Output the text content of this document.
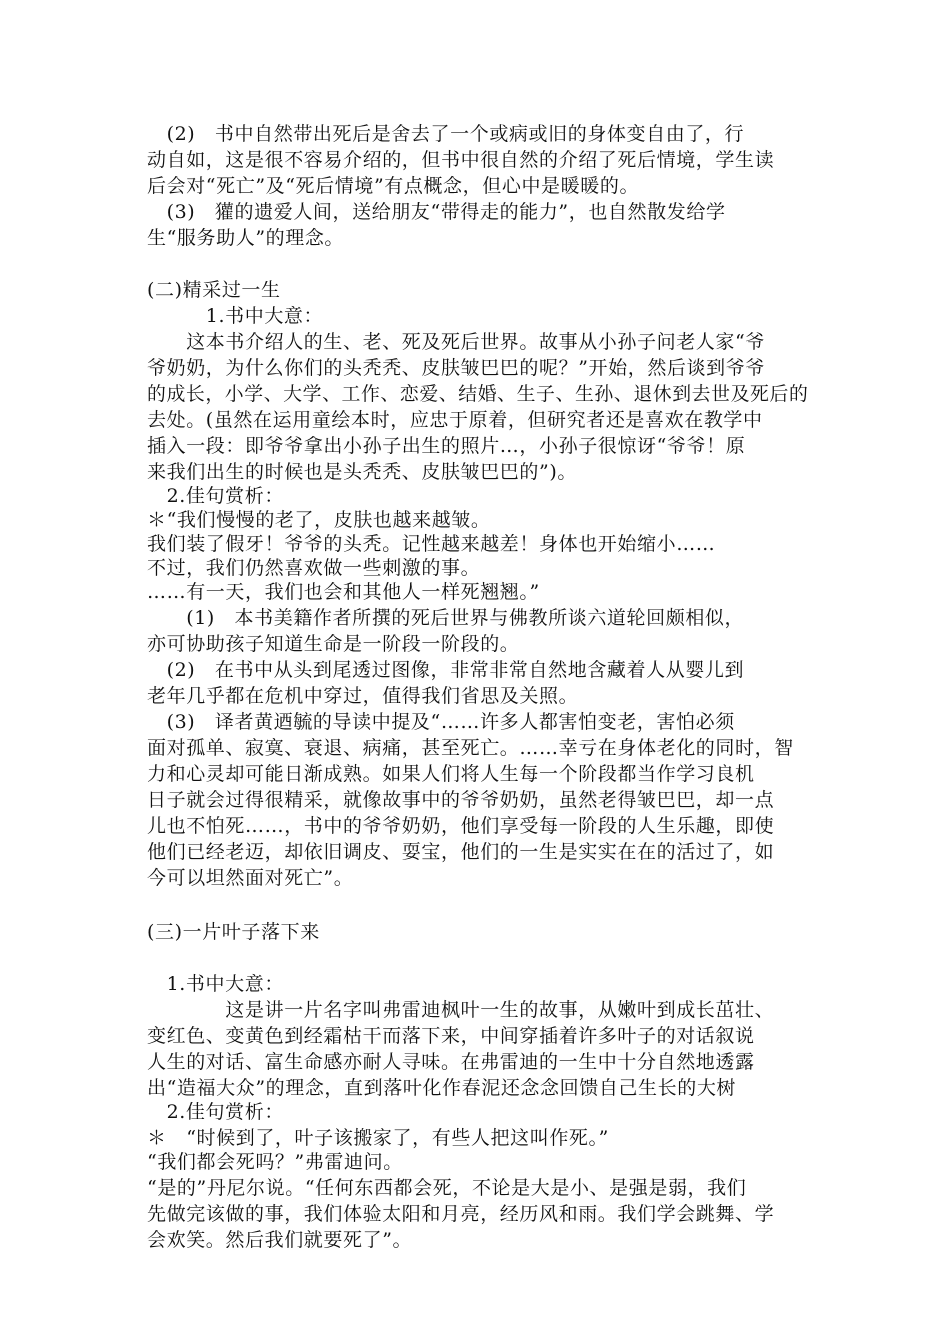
　(2)　书中自然带出死后是舍去了一个或病或旧的身体变自由了，行
动自如，这是很不容易介绍的，但书中很自然的介绍了死后情境，学生读
后会对“死亡”及“死后情境”有点概念，但心中是暖暖的。
　(3)　獾的遗爱人间，送给朋友“带得走的能力”，也自然散发给学
生“服务助人”的理念。
(二)精采过一生
　　　1.书中大意：
　　这本书介绍人的生、老、死及死后世界。故事从小孙子问老人家“爷
爷奶奶，为什么你们的头秃秃、皮肤皱巴巴的呢？”开始，然后谈到爷爷
的成长，小学、大学、工作、恋爱、结婚、生子、生孙、退休到去世及死后的
去处。(虽然在运用童绘本时，应忠于原着，但研究者还是喜欢在教学中
插入一段：即爷爷拿出小孙子出生的照片…，小孙子很惊讶“爷爷！原
来我们出生的时候也是头秃秃、皮肤皱巴巴的”)。
　2.佳句赏析：
＊“我们慢慢的老了，皮肤也越来越皱。
我们装了假牙！爷爷的头秃。记性越来越差！身体也开始缩小……
不过，我们仍然喜欢做一些刺激的事。
……有一天，我们也会和其他人一样死翘翘。”
　　(1)　本书美籍作者所撰的死后世界与佛教所谈六道轮回颇相似，
亦可协助孩子知道生命是一阶段一阶段的。
　(2)　在书中从头到尾透过图像，非常非常自然地含藏着人从婴儿到
老年几乎都在危机中穿过，值得我们省思及关照。
　(3)　译者黄迺毓的导读中提及“……许多人都害怕变老，害怕必须
面对孤单、寂寞、衰退、病痛，甚至死亡。……幸亏在身体老化的同时，智
力和心灵却可能日渐成熟。如果人们将人生每一个阶段都当作学习良机
日子就会过得很精采，就像故事中的爷爷奶奶，虽然老得皱巴巴，却一点
儿也不怕死……，书中的爷爷奶奶，他们享受每一阶段的人生乐趣，即使
他们已经老迈，却依旧调皮、耍宝，他们的一生是实实在在的活过了，如
今可以坦然面对死亡”。
(三)一片叶子落下来
　1.书中大意：
　　　　这是讲一片名字叫弗雷迪枫叶一生的故事，从嫩叶到成长茁壮、
变红色、变黄色到经霜枯干而落下来，中间穿插着许多叶子的对话叙说
人生的对话、富生命感亦耐人寻味。在弗雷迪的一生中十分自然地透露
出“造福大众”的理念，直到落叶化作春泥还念念回馈自己生长的大树
　2.佳句赏析：
＊　“时候到了，叶子该搬家了，有些人把这叫作死。”
“我们都会死吗？”弗雷迪问。
“是的”丹尼尔说。“任何东西都会死，不论是大是小、是强是弱，我们
先做完该做的事，我们体验太阳和月亮，经历风和雨。我们学会跳舞、学
会欢笑。然后我们就要死了”。
